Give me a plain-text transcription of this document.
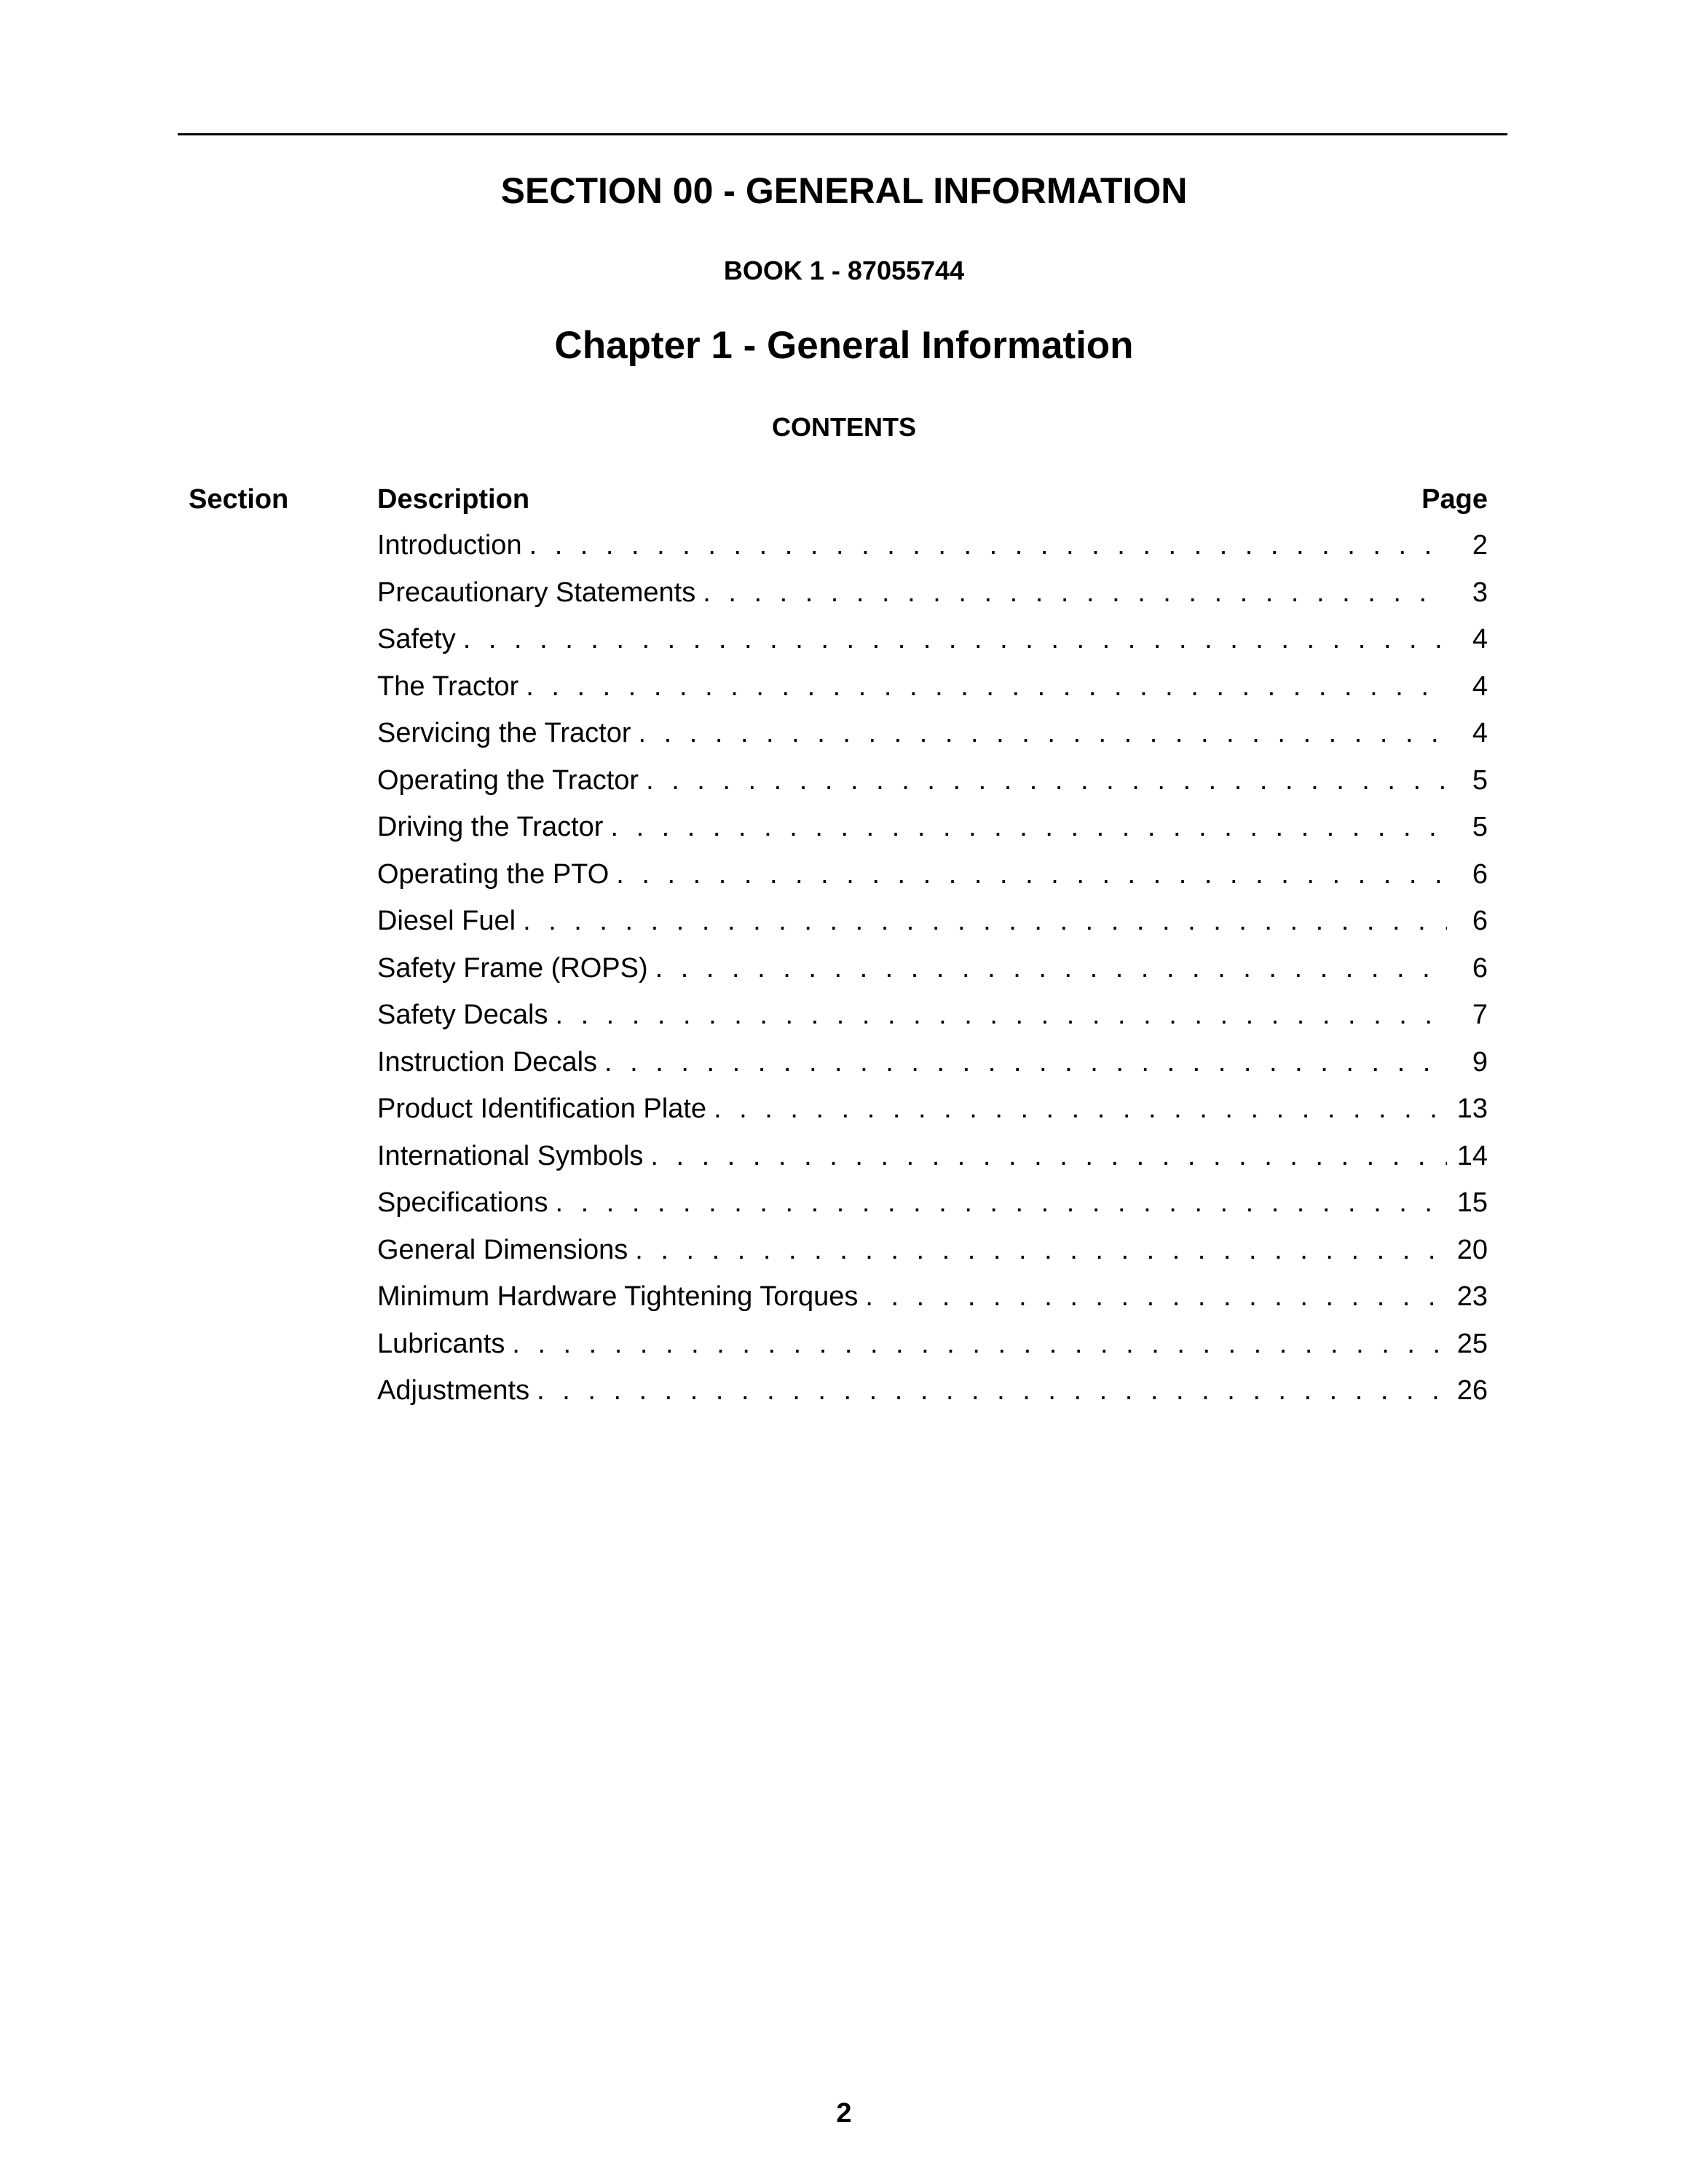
SECTION 00 - GENERAL INFORMATION
BOOK 1 - 87055744
Chapter 1 - General Information
CONTENTS
Section	Description	Page
Introduction . . .	2
Precautionary Statements . . .	3
Safety . . .	4
The Tractor . . .	4
Servicing the Tractor . . .	4
Operating the Tractor . . .	5
Driving the Tractor . . .	5
Operating the PTO . . .	6
Diesel Fuel . . .	6
Safety Frame (ROPS) . . .	6
Safety Decals . . .	7
Instruction Decals . . .	9
Product Identification Plate . . .	13
International Symbols . . .	14
Specifications . . .	15
General Dimensions . . .	20
Minimum Hardware Tightening Torques . . .	23
Lubricants . . .	25
Adjustments . . .	26
2
